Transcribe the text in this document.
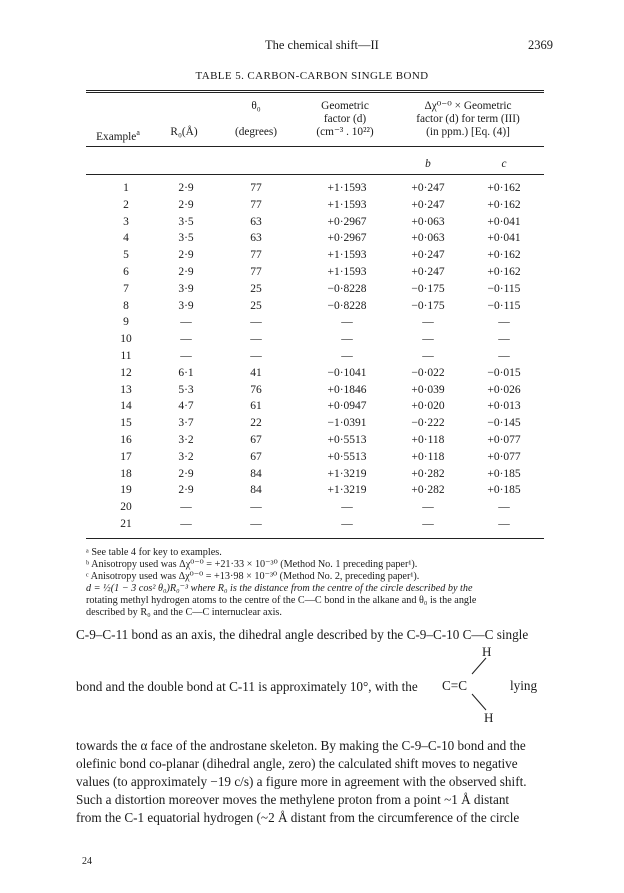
The chemical shift—II	2369
TABLE 5. CARBON-CARBON SINGLE BOND
Example$^a$	R₀(Å)
θ₀
(degrees)
Geometric
factor (d)
(cm⁻³ . 10²²)
Δχ⁰⁻⁰ × Geometric
factor (d) for term (III)
(in ppm.) [Eq. (4)]
b	c
1	2·9	77	+1·1593	+0·247	+0·162
2	2·9	77	+1·1593	+0·247	+0·162
3	3·5	63	+0·2967	+0·063	+0·041
4	3·5	63	+0·2967	+0·063	+0·041
5	2·9	77	+1·1593	+0·247	+0·162
6	2·9	77	+1·1593	+0·247	+0·162
7	3·9	25	−0·8228	−0·175	−0·115
8	3·9	25	−0·8228	−0·175	−0·115
9	—	—	—	—	—
10	—	—	—	—	—
11	—	—	—	—	—
12	6·1	41	−0·1041	−0·022	−0·015
13	5·3	76	+0·1846	+0·039	+0·026
14	4·7	61	+0·0947	+0·020	+0·013
15	3·7	22	−1·0391	−0·222	−0·145
16	3·2	67	+0·5513	+0·118	+0·077
17	3·2	67	+0·5513	+0·118	+0·077
18	2·9	84	+1·3219	+0·282	+0·185
19	2·9	84	+1·3219	+0·282	+0·185
20	—	—	—	—	—
21	—	—	—	—	—
ᵃ See table 4 for key to examples.
ᵇ Anisotropy used was Δχ⁰⁻⁰ = +21·33 × 10⁻³⁰ (Method No. 1 preceding paper¹).
ᶜ Anisotropy used was Δχ⁰⁻⁰ = +13·98 × 10⁻³⁰ (Method No. 2, preceding paper¹).
d = ½(1 − 3 cos² θ₀)R₀⁻³ where R₀ is the distance from the centre of the circle described by the
rotating methyl hydrogen atoms to the centre of the C—C bond in the alkane and θ₀ is the angle
described by R₀ and the C—C internuclear axis.
C-9–C-11 bond as an axis, the dihedral angle described by the C-9–C-10 C—C single
H
bond and the double bond at C-11 is approximately 10°, with the	C=C	lying
H
towards the α face of the androstane skeleton. By making the C-9–C-10 bond and the
olefinic bond co-planar (dihedral angle, zero) the calculated shift moves to negative
values (to approximately −19 c/s) a figure more in agreement with the observed shift.
Such a distortion moreover moves the methylene proton from a point ~1 Å distant
from the C-1 equatorial hydrogen (~2 Å distant from the circumference of the circle
24
